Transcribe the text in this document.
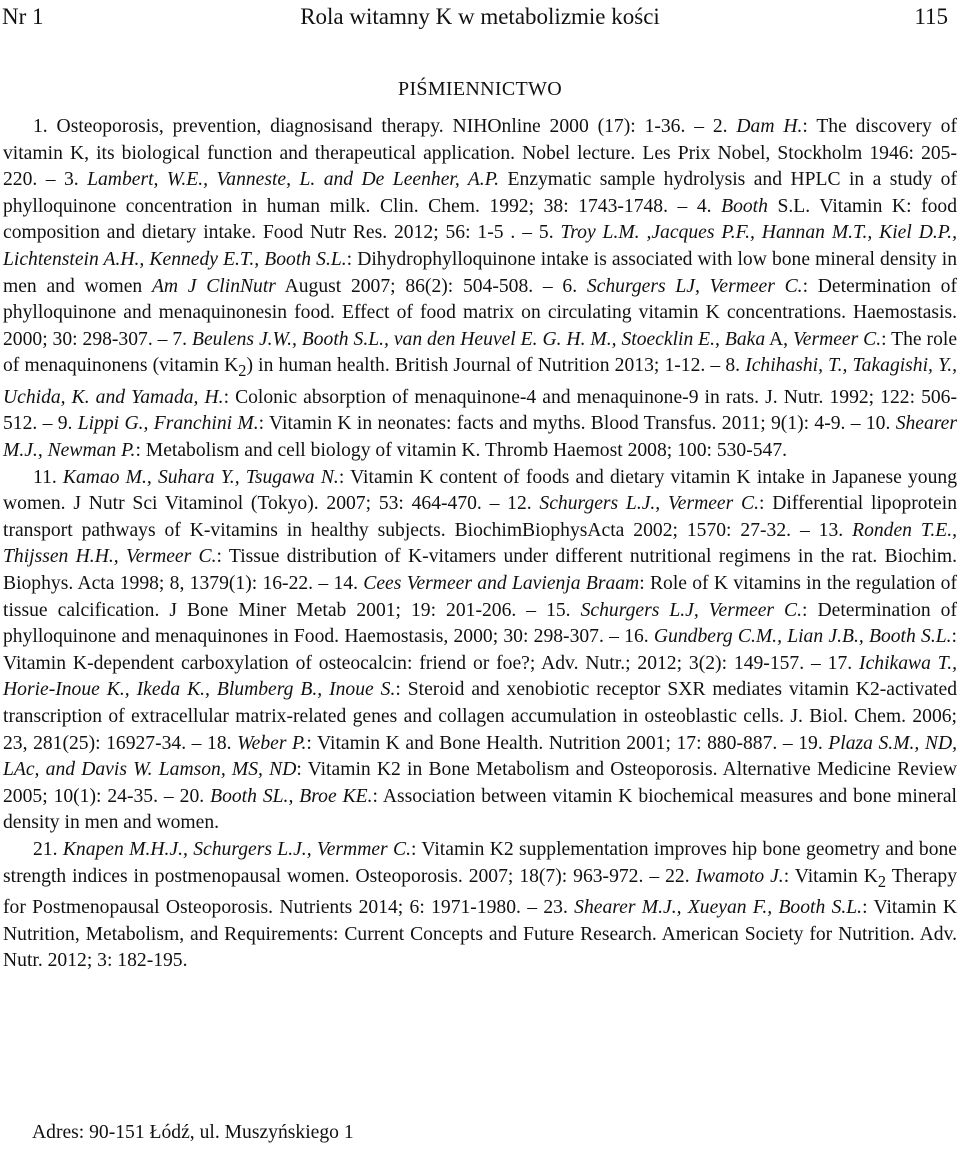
Rola witamny K w metabolizmie kości
Nr 1	115
PIŚMIENNICTWO

1. Osteoporosis, prevention, diagnosisand therapy. NIHOnline 2000 (17): 1-36. – 2. Dam H.: The discovery of vitamin K, its biological function and therapeutical application. Nobel lecture. Les Prix Nobel, Stockholm 1946: 205-220. – 3. Lambert, W.E., Vanneste, L. and De Leenher, A.P. Enzymatic sample hydrolysis and HPLC in a study of phylloquinone concentration in human milk. Clin. Chem. 1992; 38: 1743-1748. – 4. Booth S.L. Vitamin K: food composition and dietary intake. Food Nutr Res. 2012; 56: 1-5 . – 5. Troy L.M. ,Jacques P.F., Hannan M.T., Kiel D.P., Lichtenstein A.H., Kennedy E.T., Booth S.L.: Dihydrophylloquinone intake is associated with low bone mineral density in men and women Am J ClinNutr August 2007; 86(2): 504-508. – 6. Schurgers LJ, Vermeer C.: Determination of phylloquinone and menaquinonesin food. Effect of food matrix on circulating vitamin K concentrations. Haemostasis. 2000; 30: 298-307. – 7. Beulens J.W., Booth S.L., van den Heuvel E. G. H. M., Stoecklin E., Baka A, Vermeer C.: The role of menaquinonens (vitamin $K_2$) in human health. British Journal of Nutrition 2013; 1-12. – 8. Ichihashi, T., Takagishi, Y., Uchida, K. and Yamada, H.: Colonic absorption of menaquinone-4 and menaquinone-9 in rats. J. Nutr. 1992; 122: 506-512. – 9. Lippi G., Franchini M.: Vitamin K in neonates: facts and myths. Blood Transfus. 2011; 9(1): 4-9. – 10. Shearer M.J., Newman P.: Metabolism and cell biology of vitamin K. Thromb Haemost 2008; 100: 530-547.

11. Kamao M., Suhara Y., Tsugawa N.: Vitamin K content of foods and dietary vitamin K intake in Japanese young women. J Nutr Sci Vitaminol (Tokyo). 2007; 53: 464-470. – 12. Schurgers L.J., Vermeer C.: Differential lipoprotein transport pathways of K-vitamins in healthy subjects. BiochimBiophysActa 2002; 1570: 27-32. – 13. Ronden T.E., Thijssen H.H., Vermeer C.: Tissue distribution of K-vitamers under different nutritional regimens in the rat. Biochim. Biophys. Acta 1998; 8, 1379(1): 16-22. – 14. Cees Vermeer and Lavienja Braam: Role of K vitamins in the regulation of tissue calcification. J Bone Miner Metab 2001; 19: 201-206. – 15. Schurgers L.J, Vermeer C.: Determination of phylloquinone and menaquinones in Food. Haemostasis, 2000; 30: 298-307. – 16. Gundberg C.M., Lian J.B., Booth S.L.: Vitamin K-dependent carboxylation of osteocalcin: friend or foe?; Adv. Nutr.; 2012; 3(2): 149-157. – 17. Ichikawa T., Horie-Inoue K., Ikeda K., Blumberg B., Inoue S.: Steroid and xenobiotic receptor SXR mediates vitamin K2-activated transcription of extracellular matrix-related genes and collagen accumulation in osteoblastic cells. J. Biol. Chem. 2006; 23, 281(25): 16927-34. – 18. Weber P.: Vitamin K and Bone Health. Nutrition 2001; 17: 880-887. – 19. Plaza S.M., ND, LAc, and Davis W. Lamson, MS, ND: Vitamin K2 in Bone Metabolism and Osteoporosis. Alternative Medicine Review 2005; 10(1): 24-35. – 20. Booth SL., Broe KE.: Association between vitamin K biochemical measures and bone mineral density in men and women.

21. Knapen M.H.J., Schurgers L.J., Vermmer C.: Vitamin K2 supplementation improves hip bone geometry and bone strength indices in postmenopausal women. Osteoporosis. 2007; 18(7): 963-972. – 22. Iwamoto J.: Vitamin $K_2$ Therapy for Postmenopausal Osteoporosis. Nutrients 2014; 6: 1971-1980. – 23. Shearer M.J., Xueyan F., Booth S.L.: Vitamin K Nutrition, Metabolism, and Requirements: Current Concepts and Future Research. American Society for Nutrition. Adv. Nutr. 2012; 3: 182-195.

Adres: 90-151 Łódź, ul. Muszyńskiego 1
